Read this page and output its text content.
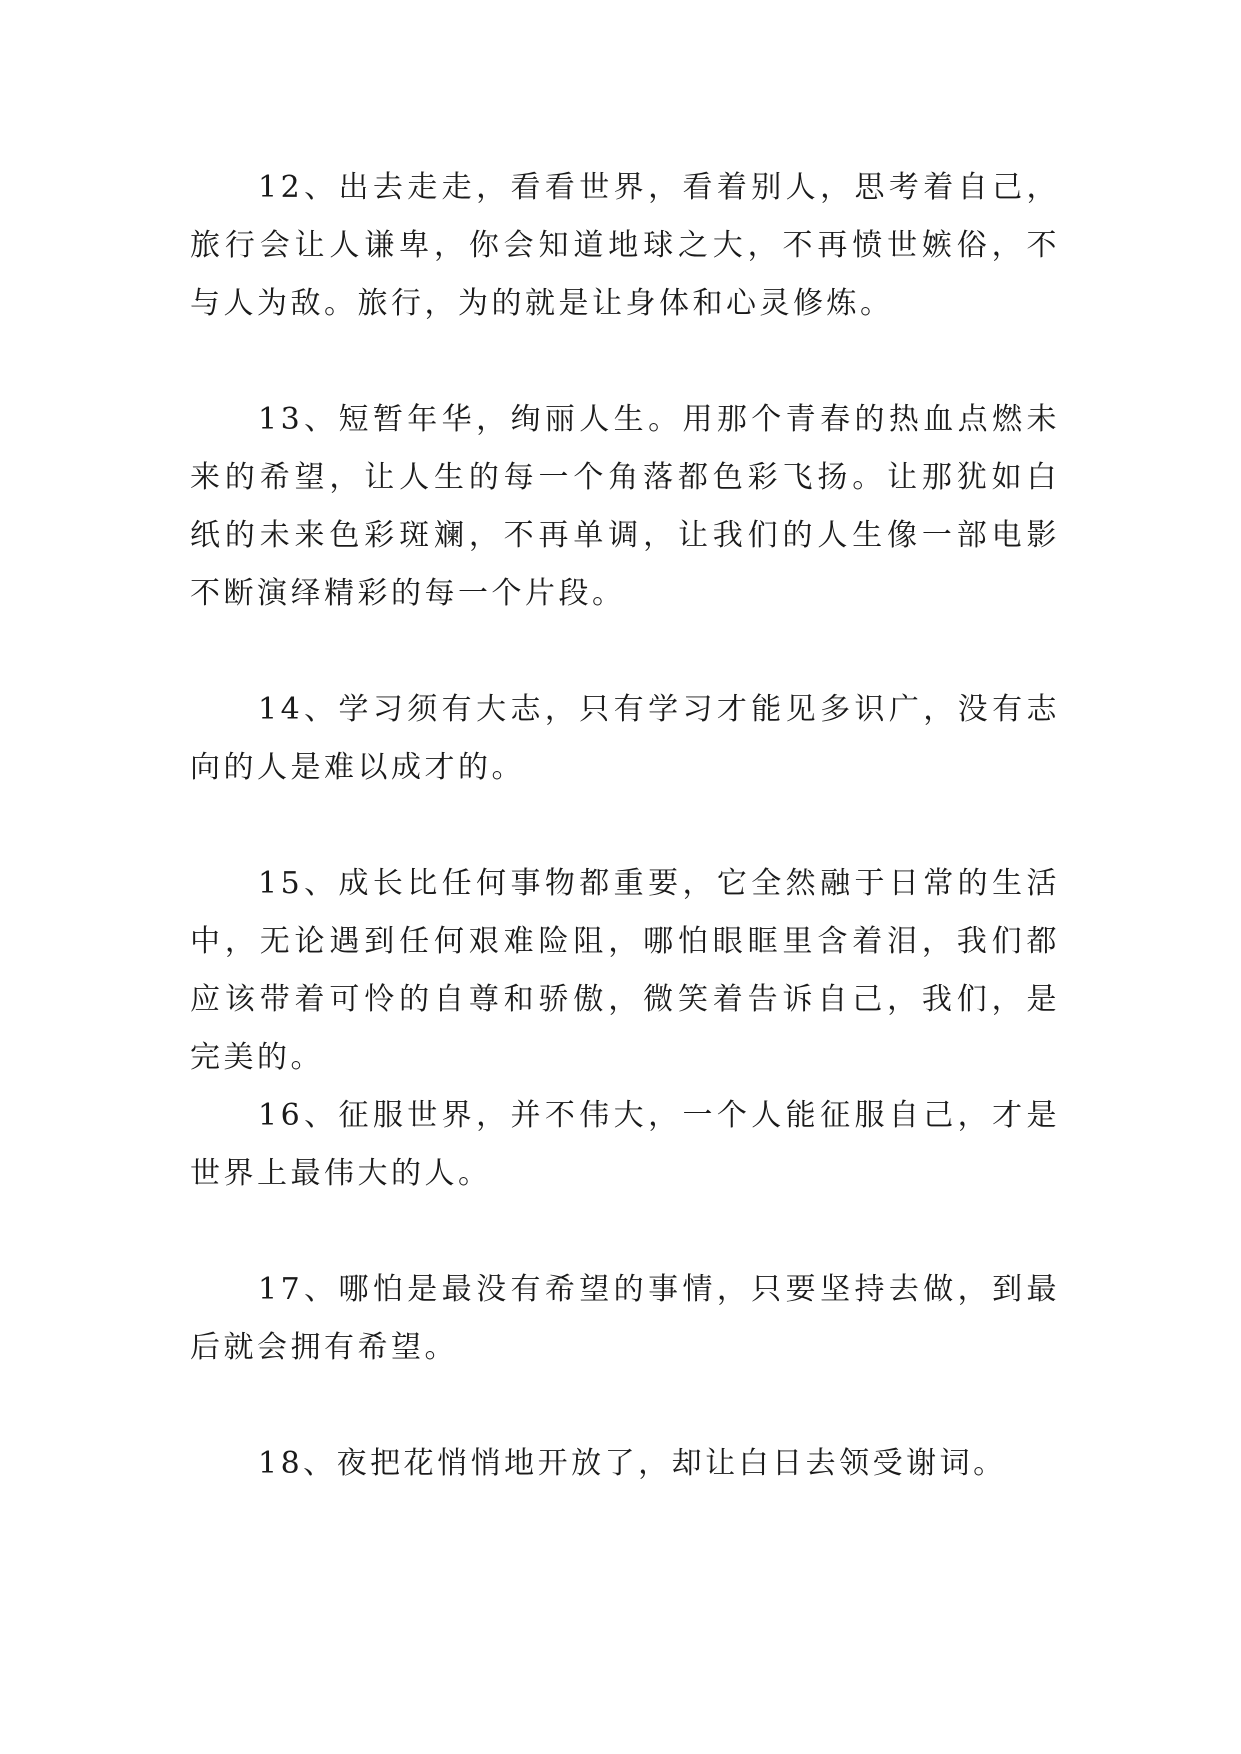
12、出去走走，看看世界，看着别人，思考着自己，旅行会让人谦卑，你会知道地球之大，不再愤世嫉俗，不与人为敌。旅行，为的就是让身体和心灵修炼。

13、短暂年华，绚丽人生。用那个青春的热血点燃未来的希望，让人生的每一个角落都色彩飞扬。让那犹如白纸的未来色彩斑斓，不再单调，让我们的人生像一部电影不断演绎精彩的每一个片段。

14、学习须有大志，只有学习才能见多识广，没有志向的人是难以成才的。

15、成长比任何事物都重要，它全然融于日常的生活中，无论遇到任何艰难险阻，哪怕眼眶里含着泪，我们都应该带着可怜的自尊和骄傲，微笑着告诉自己，我们，是完美的。

16、征服世界，并不伟大，一个人能征服自己，才是世界上最伟大的人。

17、哪怕是最没有希望的事情，只要坚持去做，到最后就会拥有希望。

18、夜把花悄悄地开放了，却让白日去领受谢词。
